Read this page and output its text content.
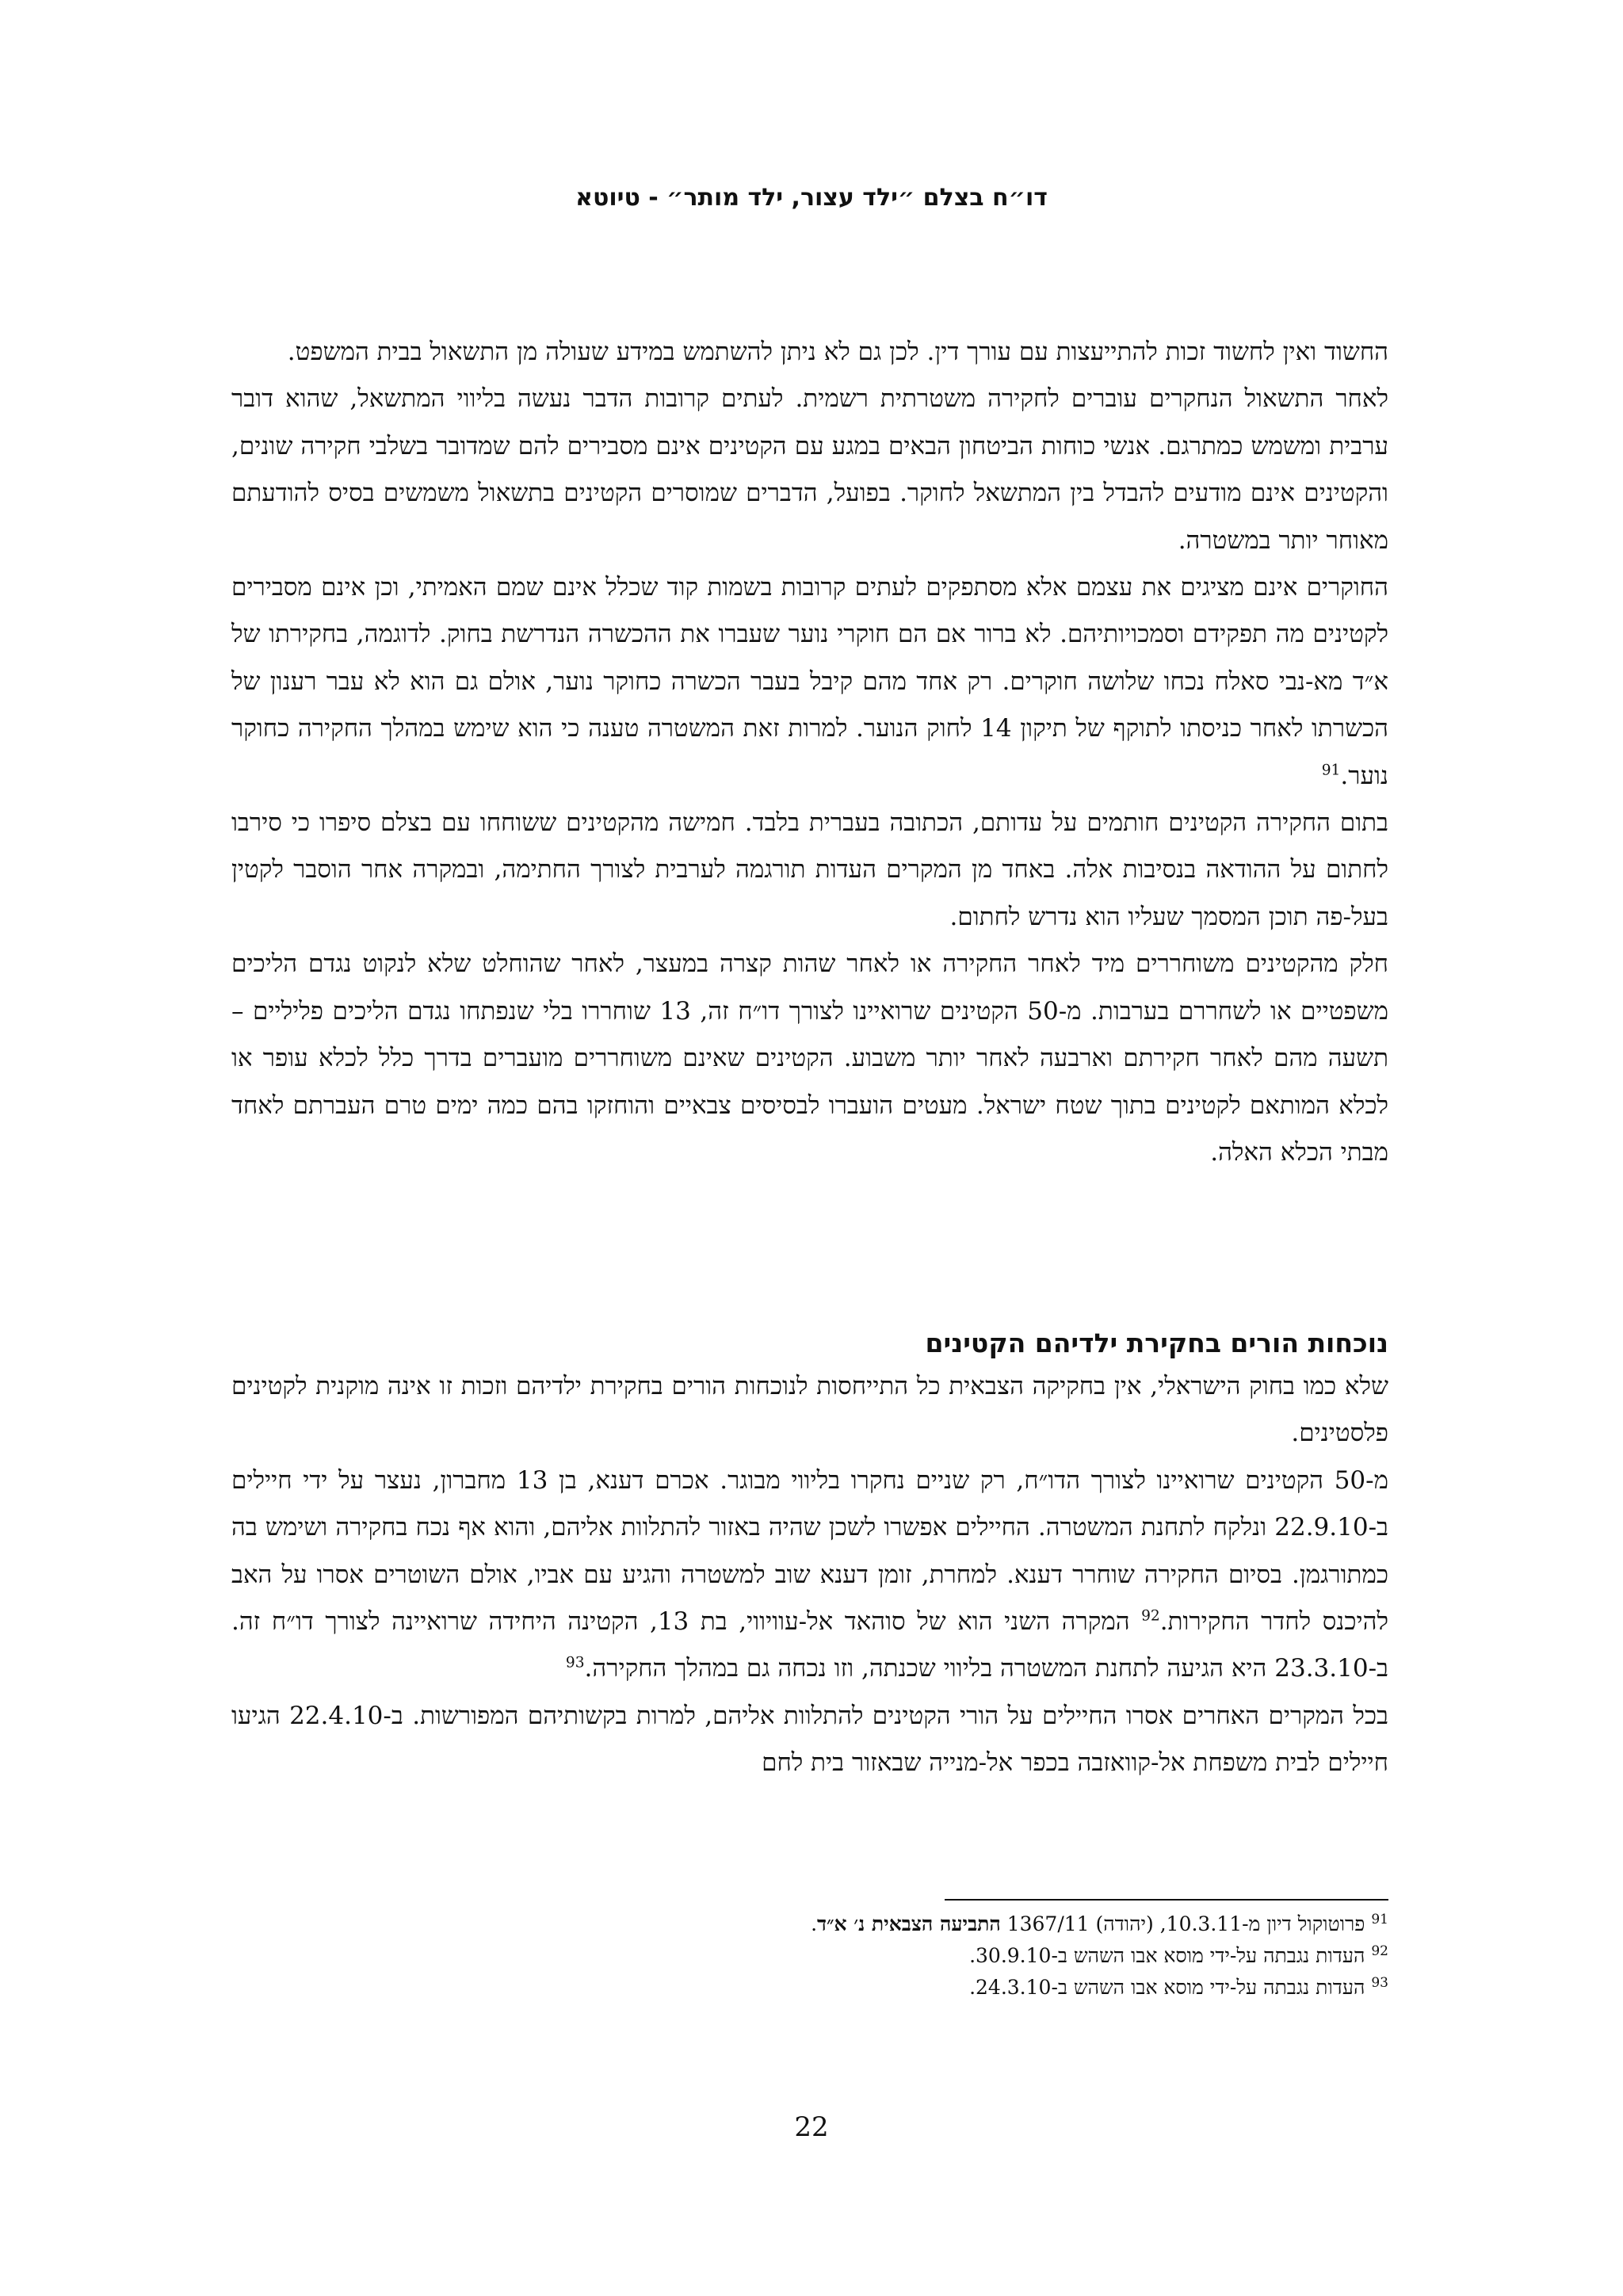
דו״ח בצלם ״ילד עצור, ילד מותר״ - טיוטא

החשוד ואין לחשוד זכות להתייעצות עם עורך דין. לכן גם לא ניתן להשתמש במידע שעולה מן התשאול בבית המשפט.

לאחר התשאול הנחקרים עוברים לחקירה משטרתית רשמית. לעתים קרובות הדבר נעשה בליווי המתשאל, שהוא דובר ערבית ומשמש כמתרגם. אנשי כוחות הביטחון הבאים במגע עם הקטינים אינם מסבירים להם שמדובר בשלבי חקירה שונים, והקטינים אינם מודעים להבדל בין המתשאל לחוקר. בפועל, הדברים שמוסרים הקטינים בתשאול משמשים בסיס להודעתם מאוחר יותר במשטרה.

החוקרים אינם מציגים את עצמם אלא מסתפקים לעתים קרובות בשמות קוד שכלל אינם שמם האמיתי, וכן אינם מסבירים לקטינים מה תפקידם וסמכויותיהם. לא ברור אם הם חוקרי נוער שעברו את ההכשרה הנדרשת בחוק. לדוגמה, בחקירתו של א״ד מא-נבי סאלח נכחו שלושה חוקרים. רק אחד מהם קיבל בעבר הכשרה כחוקר נוער, אולם גם הוא לא עבר רענון של הכשרתו לאחר כניסתו לתוקף של תיקון 14 לחוק הנוער. למרות זאת המשטרה טענה כי הוא שימש במהלך החקירה כחוקר נוער.$^{91}$

בתום החקירה הקטינים חותמים על עדותם, הכתובה בעברית בלבד. חמישה מהקטינים ששוחחו עם בצלם סיפרו כי סירבו לחתום על ההודאה בנסיבות אלה. באחד מן המקרים העדות תורגמה לערבית לצורך החתימה, ובמקרה אחר הוסבר לקטין בעל-פה תוכן המסמך שעליו הוא נדרש לחתום.

חלק מהקטינים משוחררים מיד לאחר החקירה או לאחר שהות קצרה במעצר, לאחר שהוחלט שלא לנקוט נגדם הליכים משפטיים או לשחררם בערבות. מ-50 הקטינים שרואיינו לצורך דו״ח זה, 13 שוחררו בלי שנפתחו נגדם הליכים פליליים – תשעה מהם לאחר חקירתם וארבעה לאחר יותר משבוע. הקטינים שאינם משוחררים מועברים בדרך כלל לכלא עופר או לכלא המותאם לקטינים בתוך שטח ישראל. מעטים הועברו לבסיסים צבאיים והוחזקו בהם כמה ימים טרם העברתם לאחד מבתי הכלא האלה.

נוכחות הורים בחקירת ילדיהם הקטינים

שלא כמו בחוק הישראלי, אין בחקיקה הצבאית כל התייחסות לנוכחות הורים בחקירת ילדיהם וזכות זו אינה מוקנית לקטינים פלסטינים.

מ-50 הקטינים שרואיינו לצורך הדו״ח, רק שניים נחקרו בליווי מבוגר. אכרם דענא, בן 13 מחברון, נעצר על ידי חיילים ב-22.9.10 ונלקח לתחנת המשטרה. החיילים אפשרו לשכן שהיה באזור להתלוות אליהם, והוא אף נכח בחקירה ושימש בה כמתורגמן. בסיום החקירה שוחרר דענא. למחרת, זומן דענא שוב למשטרה והגיע עם אביו, אולם השוטרים אסרו על האב להיכנס לחדר החקירות.$^{92}$ המקרה השני הוא של סוהאד אל-עוויווי, בת 13, הקטינה היחידה שרואיינה לצורך דו״ח זה. ב-23.3.10 היא הגיעה לתחנת המשטרה בליווי שכנתה, וזו נכחה גם במהלך החקירה.$^{93}$

בכל המקרים האחרים אסרו החיילים על הורי הקטינים להתלוות אליהם, למרות בקשותיהם המפורשות. ב-22.4.10 הגיעו חיילים לבית משפחת אל-קוואזבה בכפר אל-מנייה שבאזור בית לחם

$^{91}$פרוטוקול דיון מ-10.3.11, (יהודה) 1367/11 התביעה הצבאית נ׳ א״ד.
$^{92}$העדות נגבתה על-ידי מוסא אבו השהש ב-30.9.10.
$^{93}$העדות נגבתה על-ידי מוסא אבו השהש ב-24.3.10.
22
